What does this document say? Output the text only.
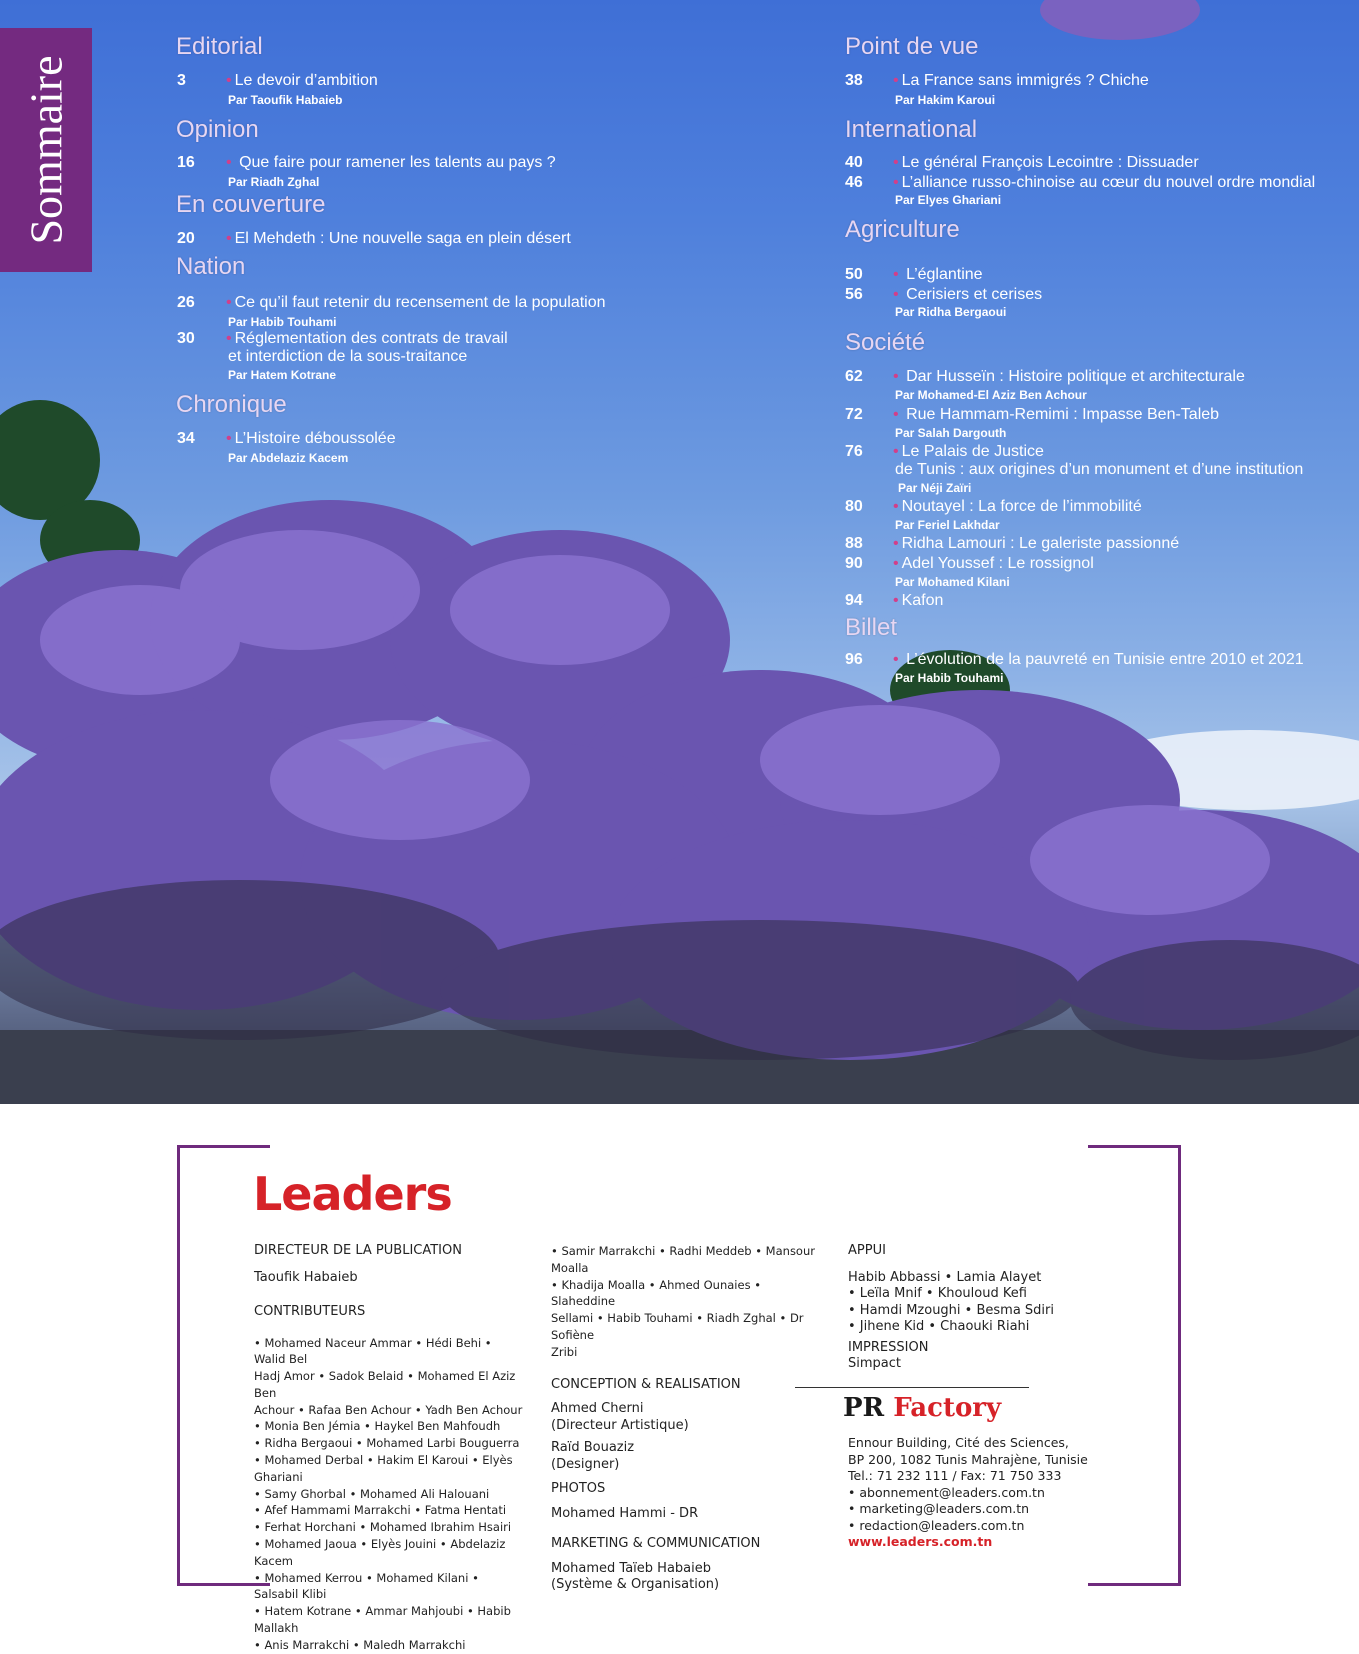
Sommaire
Editorial
3	• Le devoir d’ambition
Par Taoufik Habaieb
Opinion
16 • Que faire pour ramener les talents au pays ?
Par Riadh Zghal
En couverture
20 • El Mehdeth : Une nouvelle saga en plein désert
Nation
26 • Ce qu’il faut retenir du recensement de la population
Par Habib Touhami
30 • Réglementation des contrats de travail
et interdiction de la sous-traitance
Par Hatem Kotrane
Chronique
34 • L’Histoire déboussolée
Par Abdelaziz Kacem
Point de vue
38 • La France sans immigrés ? Chiche
Par Hakim Karoui
International
40 • Le général François Lecointre : Dissuader
46 • L’alliance russo-chinoise au cœur du nouvel ordre mondial
Par Elyes Ghariani
Agriculture
50 • L’églantine
56 • Cerisiers et cerises
Par Ridha Bergaoui
Société
62 • Dar Husseïn : Histoire politique et architecturale
Par Mohamed-El Aziz Ben Achour
72 • Rue Hammam-Remimi : Impasse Ben-Taleb
Par Salah Dargouth
76 • Le Palais de Justice
de Tunis : aux origines d’un monument et d’une institution
Par Néji Zaïri
80 • Noutayel : La force de l’immobilité
Par Feriel Lakhdar
88 • Ridha Lamouri : Le galeriste passionné
90 • Adel Youssef : Le rossignol
Par Mohamed Kilani
94 • Kafon
Billet
96 • L’évolution de la pauvreté en Tunisie entre 2010 et 2021
Par Habib Touhami
Leaders
DIRECTEUR DE LA PUBLICATION
Taoufik Habaieb
CONTRIBUTEURS
• Mohamed Naceur Ammar • Hédi Behi • Walid Bel
Hadj Amor • Sadok Belaid • Mohamed El Aziz Ben
Achour • Rafaa Ben Achour • Yadh Ben Achour
• Monia Ben Jémia • Haykel Ben Mahfoudh
• Ridha Bergaoui • Mohamed Larbi Bouguerra
• Mohamed Derbal • Hakim El Karoui • Elyès Ghariani
• Samy Ghorbal • Mohamed Ali Halouani
• Afef Hammami Marrakchi • Fatma Hentati
• Ferhat Horchani • Mohamed Ibrahim Hsairi
• Mohamed Jaoua • Elyès Jouini • Abdelaziz Kacem
• Mohamed Kerrou • Mohamed Kilani • Salsabil Klibi
• Hatem Kotrane • Ammar Mahjoubi • Habib Mallakh
• Anis Marrakchi • Maledh Marrakchi
• Samir Marrakchi • Radhi Meddeb • Mansour Moalla
• Khadija Moalla • Ahmed Ounaies • Slaheddine
Sellami • Habib Touhami • Riadh Zghal • Dr Sofiène
Zribi
CONCEPTION & REALISATION
Ahmed Cherni
(Directeur Artistique)
Raïd Bouaziz
(Designer)
PHOTOS
Mohamed Hammi - DR
MARKETING & COMMUNICATION
Mohamed Taïeb Habaieb
(Système & Organisation)
APPUI
Habib Abbassi • Lamia Alayet
• Leïla Mnif • Khouloud Kefi
• Hamdi Mzoughi • Besma Sdiri
• Jihene Kid • Chaouki Riahi
IMPRESSION
Simpact
PR Factory
Ennour Building, Cité des Sciences,
BP 200, 1082 Tunis Mahrajène, Tunisie
Tel.: 71 232 111 / Fax: 71 750 333
• abonnement@leaders.com.tn
• marketing@leaders.com.tn
• redaction@leaders.com.tn
www.leaders.com.tn
